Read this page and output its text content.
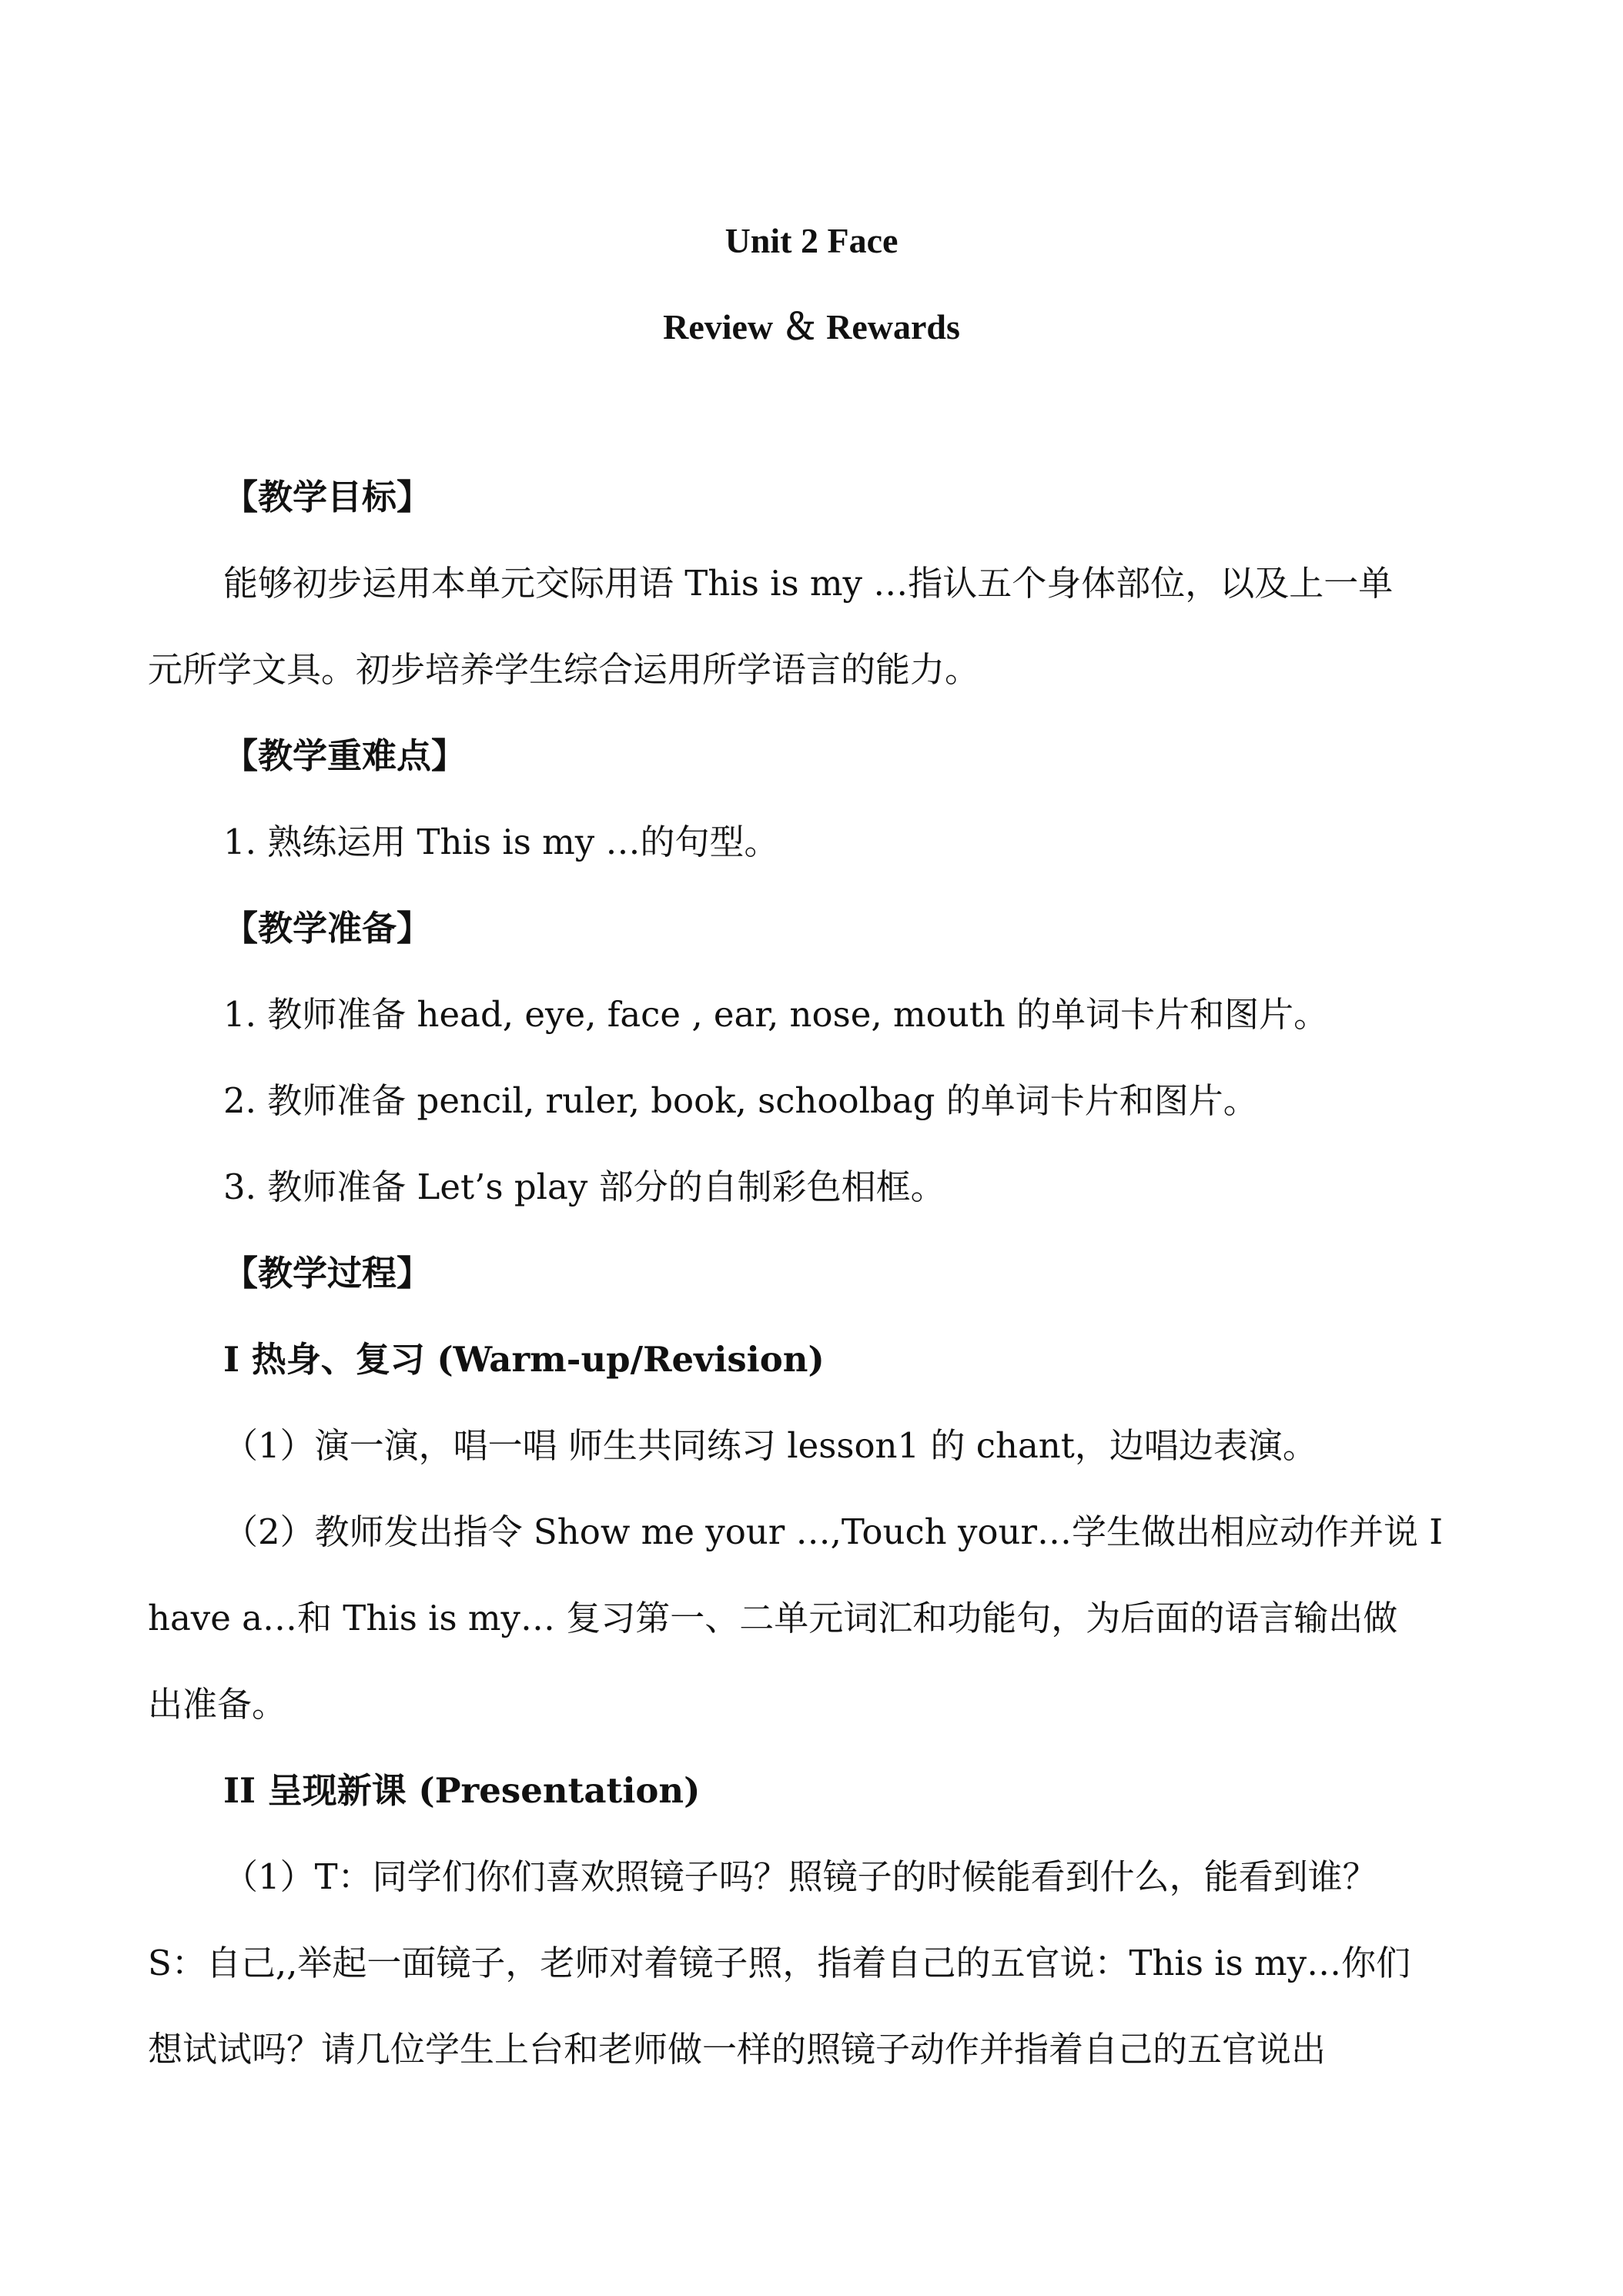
Unit 2 Face
Review ＆ Rewards
【教学目标】
能够初步运用本单元交际用语 This is my …指认五个身体部位，以及上一单
元所学文具。初步培养学生综合运用所学语言的能力。
【教学重难点】
1. 熟练运用 This is my …的句型。
【教学准备】
1. 教师准备 head, eye, face , ear, nose, mouth 的单词卡片和图片。
2. 教师准备 pencil, ruler, book, schoolbag 的单词卡片和图片。
3. 教师准备 Let’s play 部分的自制彩色相框。
【教学过程】
I 热身、复习 (Warm-up/Revision)
（1）演一演，唱一唱 师生共同练习 lesson1 的 chant，边唱边表演。
（2）教师发出指令 Show me your …,Touch your…学生做出相应动作并说 I
have a…和 This is my… 复习第一、二单元词汇和功能句，为后面的语言输出做
出准备。
II 呈现新课 (Presentation)
（1）T：同学们你们喜欢照镜子吗？照镜子的时候能看到什么，能看到谁？
S：自己,,举起一面镜子，老师对着镜子照，指着自己的五官说：This is my…你们
想试试吗？请几位学生上台和老师做一样的照镜子动作并指着自己的五官说出
